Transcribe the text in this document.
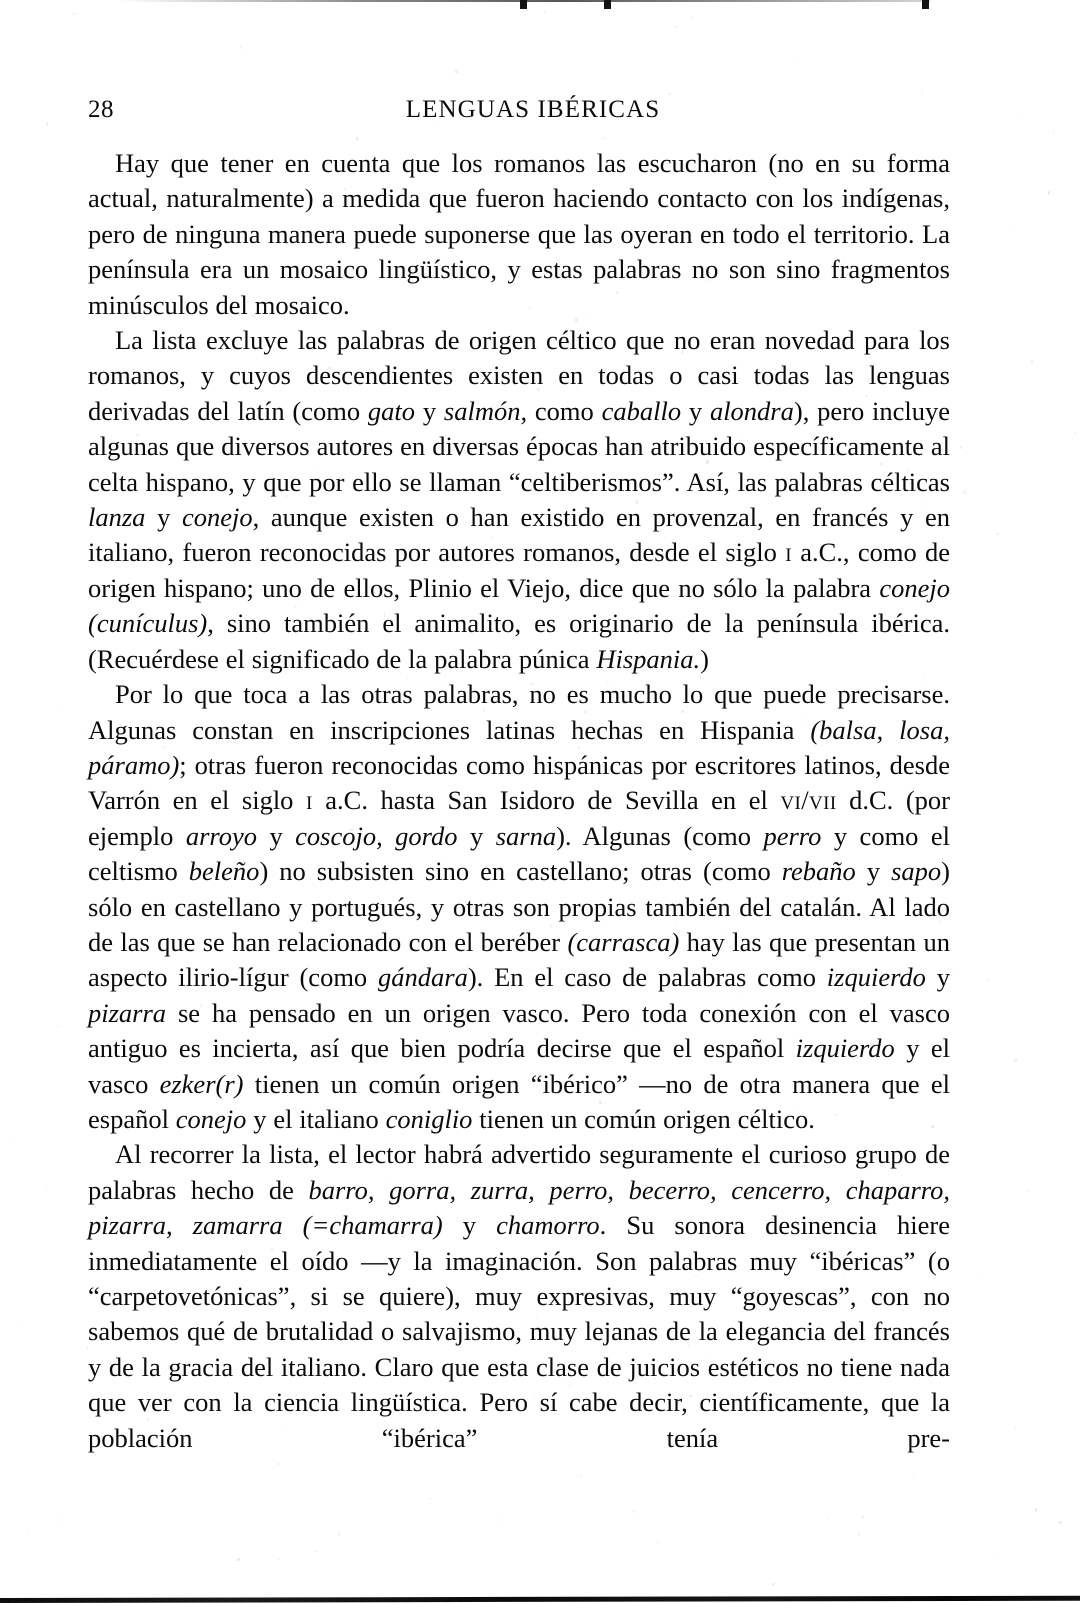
28	LENGUAS IBÉRICAS

Hay que tener en cuenta que los romanos las escucharon (no en su forma actual, naturalmente) a medida que fueron haciendo contacto con los indígenas, pero de ninguna manera puede suponerse que las oyeran en todo el territorio. La península era un mosaico lingüístico, y estas palabras no son sino fragmentos minúsculos del mosaico.

La lista excluye las palabras de origen céltico que no eran novedad para los romanos, y cuyos descendientes existen en todas o casi todas las lenguas derivadas del latín (como gato y salmón, como caballo y alondra), pero incluye algunas que diversos autores en diversas épocas han atribuido específicamente al celta hispano, y que por ello se llaman “celtiberismos”. Así, las palabras célticas lanza y conejo, aunque existen o han existido en provenzal, en francés y en italiano, fueron reconocidas por autores romanos, desde el siglo i a.C., como de origen hispano; uno de ellos, Plinio el Viejo, dice que no sólo la palabra conejo (cunículus), sino también el animalito, es originario de la península ibérica. (Recuérdese el significado de la palabra púnica Hispania.)

Por lo que toca a las otras palabras, no es mucho lo que puede precisarse. Algunas constan en inscripciones latinas hechas en Hispania (balsa, losa, páramo); otras fueron reconocidas como hispánicas por escritores latinos, desde Varrón en el siglo i a.C. hasta San Isidoro de Sevilla en el vi/vii d.C. (por ejemplo arroyo y coscojo, gordo y sarna). Algunas (como perro y como el celtismo beleño) no subsisten sino en castellano; otras (como rebaño y sapo) sólo en castellano y portugués, y otras son propias también del catalán. Al lado de las que se han relacionado con el beréber (carrasca) hay las que presentan un aspecto ilirio-lígur (como gándara). En el caso de palabras como izquierdo y pizarra se ha pensado en un origen vasco. Pero toda conexión con el vasco antiguo es incierta, así que bien podría decirse que el español izquierdo y el vasco ezker(r) tienen un común origen “ibérico” —no de otra manera que el español conejo y el italiano coniglio tienen un común origen céltico.

Al recorrer la lista, el lector habrá advertido seguramente el curioso grupo de palabras hecho de barro, gorra, zurra, perro, becerro, cencerro, chaparro, pizarra, zamarra (=chamarra) y chamorro. Su sonora desinencia hiere inmediatamente el oído —y la imaginación. Son palabras muy “ibéricas” (o “carpetovetónicas”, si se quiere), muy expresivas, muy “goyescas”, con no sabemos qué de brutalidad o salvajismo, muy lejanas de la elegancia del francés y de la gracia del italiano. Claro que esta clase de juicios estéticos no tiene nada que ver con la ciencia lingüística. Pero sí cabe decir, científicamente, que la población “ibérica” tenía pre-
